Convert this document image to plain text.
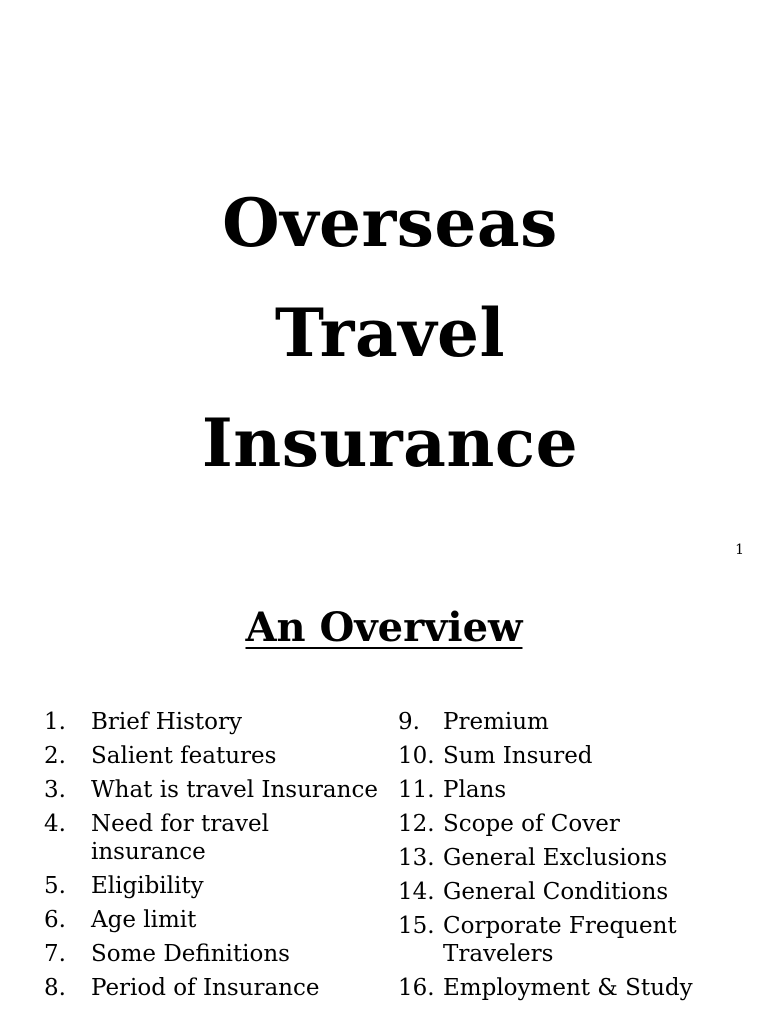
Overseas
Travel
Insurance
1
An Overview
1.	Brief History
2.	Salient features
3.	What is travel Insurance
4.	Need for travel insurance
5.	Eligibility
6.	Age limit
7.	Some Definitions
8.	Period of Insurance
9.	Premium
10. Sum Insured
11. Plans
12. Scope of Cover
13. General Exclusions
14. General Conditions
15. Corporate Frequent Travelers
16. Employment & Study
